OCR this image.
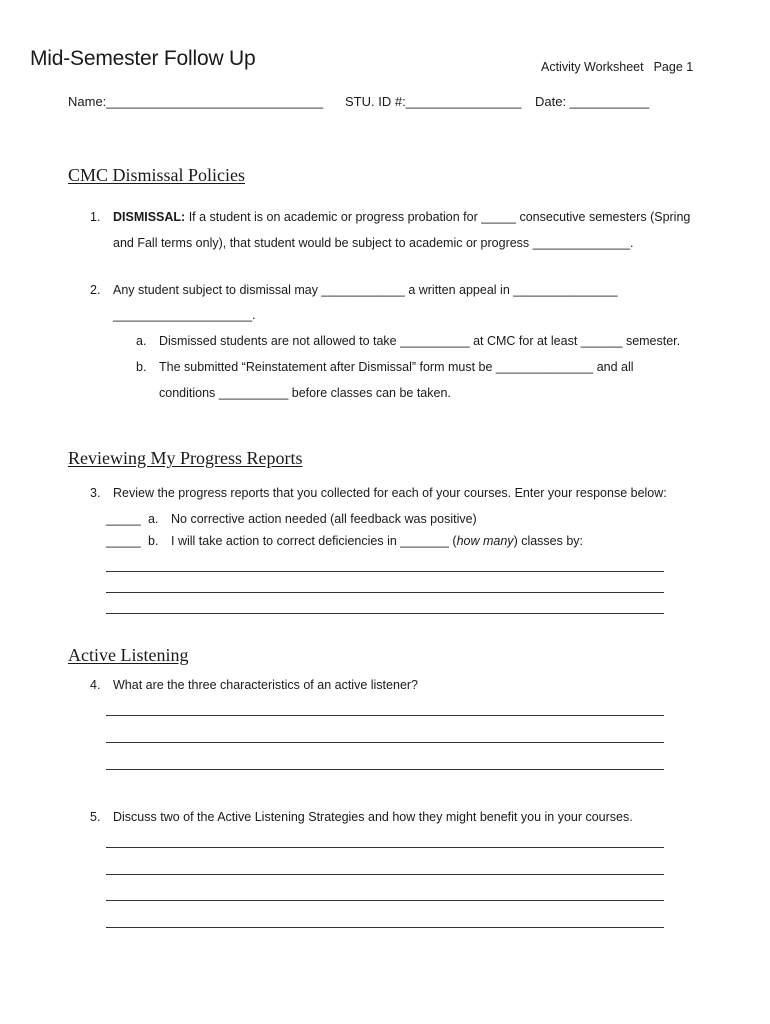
Mid-Semester Follow Up	Activity Worksheet Page 1
Name:______________________________ STU. ID #:________________ Date: ___________
CMC Dismissal Policies
1. DISMISSAL: If a student is on academic or progress probation for _____ consecutive semesters (Spring
and Fall terms only), that student would be subject to academic or progress ______________.
2. Any student subject to dismissal may ____________ a written appeal in _______________
____________________.
a. Dismissed students are not allowed to take __________ at CMC for at least ______ semester.
b. The submitted “Reinstatement after Dismissal” form must be ______________ and all
conditions __________ before classes can be taken.
Reviewing My Progress Reports
3. Review the progress reports that you collected for each of your courses. Enter your response below:
_____ a. No corrective action needed (all feedback was positive)
_____ b. I will take action to correct deficiencies in _______ (how many) classes by:
Active Listening
4. What are the three characteristics of an active listener?
5. Discuss two of the Active Listening Strategies and how they might benefit you in your courses.
